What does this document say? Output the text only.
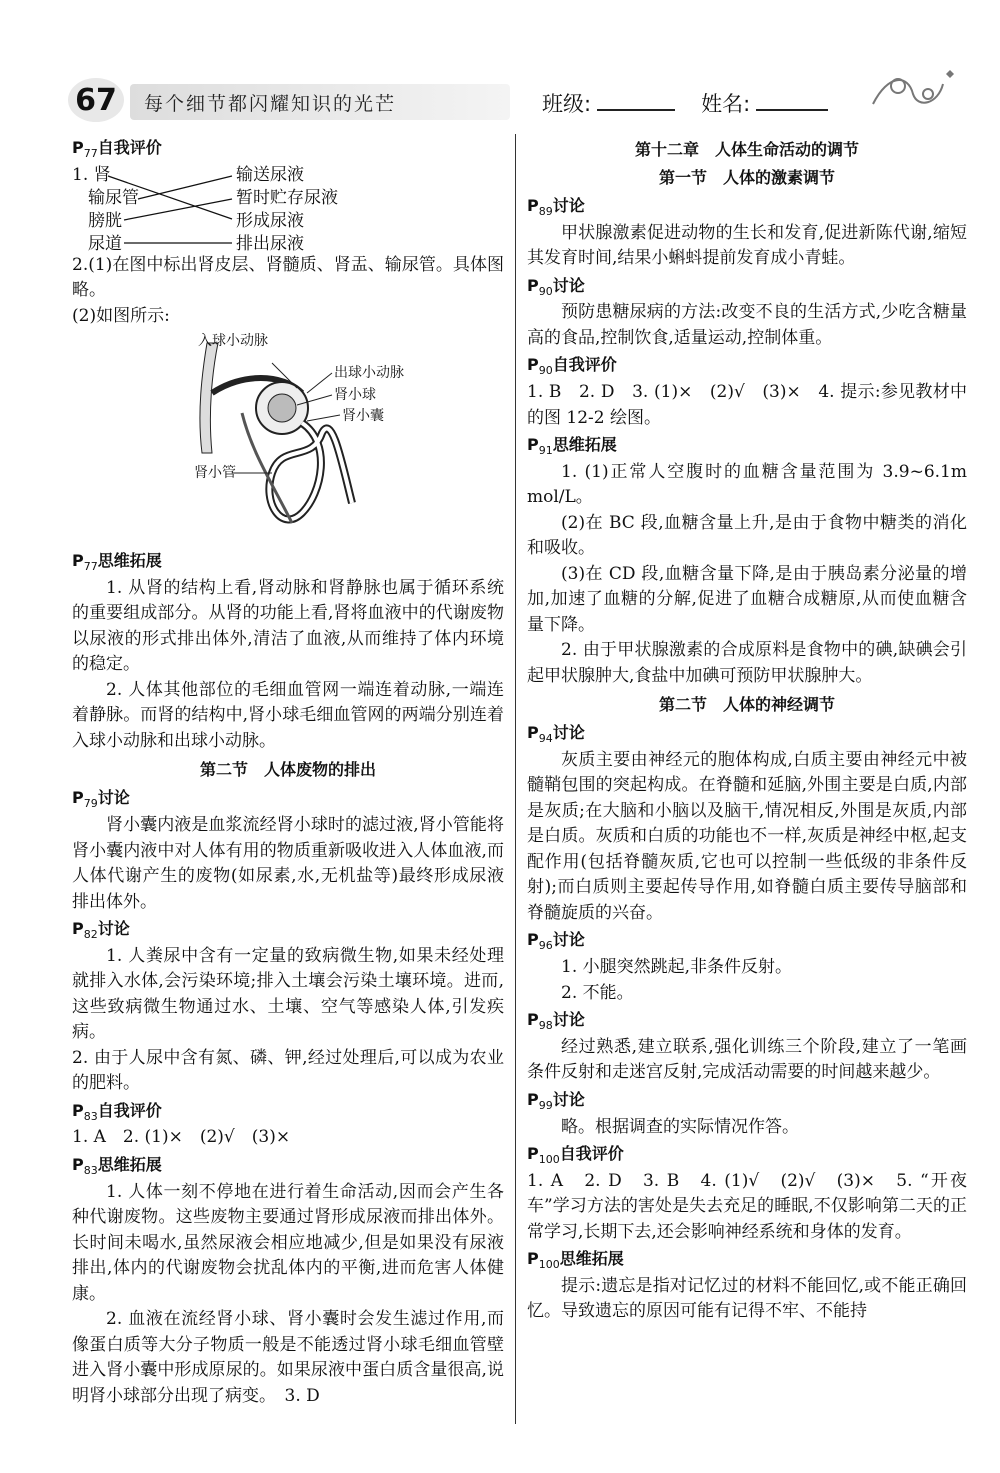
67	每个细节都闪耀知识的光芒	班级:	姓名:
$P_{77}$自我评价
1. 肾
输尿管
膀胱
尿道
输送尿液
暂时贮存尿液
形成尿液
排出尿液

2.(1)在图中标出肾皮层、肾髓质、肾盂、输尿管。具体图略。

(2)如图所示:

入球小动脉
出球小动脉
肾小球
肾小囊
肾小管
$P_{77}$思维拓展

1. 从肾的结构上看,肾动脉和肾静脉也属于循环系统的重要组成部分。从肾的功能上看,肾将血液中的代谢废物以尿液的形式排出体外,清洁了血液,从而维持了体内环境的稳定。

2. 人体其他部位的毛细血管网一端连着动脉,一端连着静脉。而肾的结构中,肾小球毛细血管网的两端分别连着入球小动脉和出球小动脉。

第二节　人体废物的排出
$P_{79}$讨论

肾小囊内液是血浆流经肾小球时的滤过液,肾小管能将肾小囊内液中对人体有用的物质重新吸收进入人体血液,而人体代谢产生的废物(如尿素,水,无机盐等)最终形成尿液排出体外。

$P_{82}$讨论

1. 人粪尿中含有一定量的致病微生物,如果未经处理就排入水体,会污染环境;排入土壤会污染土壤环境。进而,这些致病微生物通过水、土壤、空气等感染人体,引发疾病。

2. 由于人尿中含有氮、磷、钾,经过处理后,可以成为农业的肥料。

$P_{83}$自我评价

1. A　2. (1)×　(2)√　(3)×

$P_{83}$思维拓展

1. 人体一刻不停地在进行着生命活动,因而会产生各种代谢废物。这些废物主要通过肾形成尿液而排出体外。长时间未喝水,虽然尿液会相应地减少,但是如果没有尿液排出,体内的代谢废物会扰乱体内的平衡,进而危害人体健康。

2. 血液在流经肾小球、肾小囊时会发生滤过作用,而像蛋白质等大分子物质一般是不能透过肾小球毛细血管壁进入肾小囊中形成原尿的。如果尿液中蛋白质含量很高,说明肾小球部分出现了病变。　3. D

第十二章　人体生命活动的调节
第一节　人体的激素调节
$P_{89}$讨论

甲状腺激素促进动物的生长和发育,促进新陈代谢,缩短其发育时间,结果小蝌蚪提前发育成小青蛙。

$P_{90}$讨论

预防患糖尿病的方法:改变不良的生活方式,少吃含糖量高的食品,控制饮食,适量运动,控制体重。

$P_{90}$自我评价

1. B　2. D　3. (1)×　(2)√　(3)×　4. 提示:参见教材中的图 12-2 绘图。

$P_{91}$思维拓展

1. (1)正常人空腹时的血糖含量范围为 3.9~6.1m mol/L。

(2)在 BC 段,血糖含量上升,是由于食物中糖类的消化和吸收。

(3)在 CD 段,血糖含量下降,是由于胰岛素分泌量的增加,加速了血糖的分解,促进了血糖合成糖原,从而使血糖含量下降。

2. 由于甲状腺激素的合成原料是食物中的碘,缺碘会引起甲状腺肿大,食盐中加碘可预防甲状腺肿大。

第二节　人体的神经调节
$P_{94}$讨论

灰质主要由神经元的胞体构成,白质主要由神经元中被髓鞘包围的突起构成。在脊髓和延脑,外围主要是白质,内部是灰质;在大脑和小脑以及脑干,情况相反,外围是灰质,内部是白质。灰质和白质的功能也不一样,灰质是神经中枢,起支配作用(包括脊髓灰质,它也可以控制一些低级的非条件反射);而白质则主要起传导作用,如脊髓白质主要传导脑部和脊髓旋质的兴奋。

$P_{96}$讨论

1. 小腿突然跳起,非条件反射。

2. 不能。

$P_{98}$讨论

经过熟悉,建立联系,强化训练三个阶段,建立了一笔画条件反射和走迷宫反射,完成活动需要的时间越来越少。

$P_{99}$讨论

略。根据调查的实际情况作答。

$P_{100}$自我评价

1. A　2. D　3. B　4. (1)√　(2)√　(3)×　5. “开夜车”学习方法的害处是失去充足的睡眠,不仅影响第二天的正常学习,长期下去,还会影响神经系统和身体的发育。

$P_{100}$思维拓展

提示:遗忘是指对记忆过的材料不能回忆,或不能正确回忆。导致遗忘的原因可能有记得不牢、不能持
